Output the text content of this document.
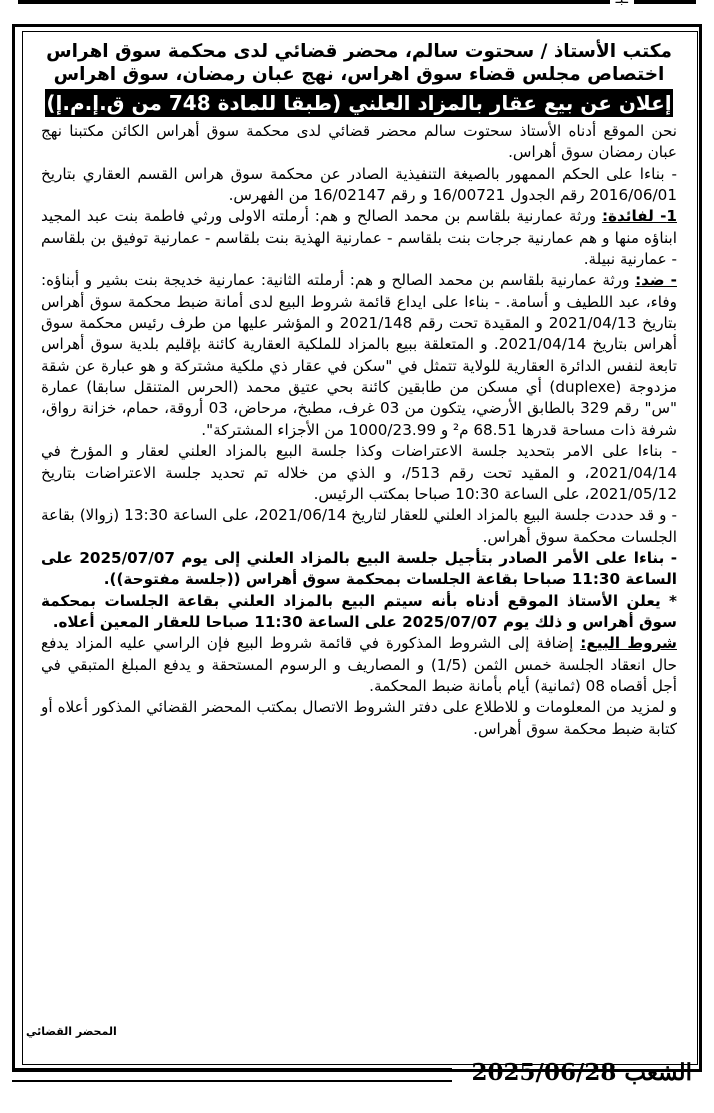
مكتب الأستاذ / سحتوت سالم، محضر قضائي لدى محكمة سوق اهراس
اختصاص مجلس قضاء سوق اهراس، نهج عبان رمضان، سوق اهراس
إعلان عن بيع عقار بالمزاد العلني (طبقا للمادة 748 من ق.إ.م.إ)

نحن الموقع أدناه الأستاذ سحتوت سالم محضر قضائي لدى محكمة سوق أهراس الكائن مكتبنا نهج عبان رمضان سوق أهراس.

- بناءا على الحكم الممهور بالصيغة التنفيذية الصادر عن محكمة سوق هراس القسم العقاري بتاريخ 2016/06/01 رقم الجدول 16/00721 و رقم 16/02147 من الفهرس.

1- لفائدة: ورثة عمارنية بلقاسم بن محمد الصالح و هم: أرملته الاولى ورثي فاطمة بنت عبد المجيد ابناؤه منها و هم عمارنية جرجات بنت بلقاسم - عمارنية الهذية بنت بلقاسم - عمارنية توفيق بن بلقاسم - عمارنية نبيلة.

- ضد: ورثة عمارنية بلقاسم بن محمد الصالح و هم: أرملته الثانية: عمارنية خديجة بنت بشير و أبناؤه: وفاء، عبد اللطيف و أسامة. - بناءا على ايداع قائمة شروط البيع لدى أمانة ضبط محكمة سوق أهراس بتاريخ 2021/04/13 و المقيدة تحت رقم 2021/148 و المؤشر عليها من طرف رئيس محكمة سوق أهراس بتاريخ 2021/04/14. و المتعلقة ببيع بالمزاد للملكية العقارية كائنة بإقليم بلدية سوق أهراس تابعة لنفس الدائرة العقارية للولاية تتمثل في "سكن في عقار ذي ملكية مشتركة و هو عبارة عن شقة مزدوجة (duplexe) أي مسكن من طابقين كائنة بحي عتيق محمد (الحرس المتنقل سابقا) عمارة "س" رقم 329 بالطابق الأرضي، يتكون من 03 غرف، مطبخ، مرحاض، 03 أروقة، حمام، خزانة رواق، شرفة ذات مساحة قدرها 68.51 م² و 1000/23.99 من الأجزاء المشتركة".

- بناءا على الامر بتحديد جلسة الاعتراضات وكذا جلسة البيع بالمزاد العلني لعقار و المؤرخ في 2021/04/14، و المقيد تحت رقم 513/، و الذي من خلاله تم تحديد جلسة الاعتراضات بتاريخ 2021/05/12، على الساعة 10:30 صباحا بمكتب الرئيس.

- و قد حددت جلسة البيع بالمزاد العلني للعقار لتاريخ 2021/06/14، على الساعة 13:30 (زوالا) بقاعة الجلسات محكمة سوق أهراس.

- بناءا على الأمر الصادر بتأجيل جلسة البيع بالمزاد العلني إلى يوم 2025/07/07 على الساعة 11:30 صباحا بقاعة الجلسات بمحكمة سوق أهراس ((جلسة مفتوحة)).

* يعلن الأستاذ الموقع أدناه بأنه سيتم البيع بالمزاد العلني بقاعة الجلسات بمحكمة سوق أهراس و ذلك يوم 2025/07/07 على الساعة 11:30 صباحا للعقار المعين أعلاه.

شروط البيع: إضافة إلى الشروط المذكورة في قائمة شروط البيع فإن الراسي عليه المزاد يدفع حال انعقاد الجلسة خمس الثمن (1/5) و المصاريف و الرسوم المستحقة و يدفع المبلغ المتبقي في أجل أقصاه 08 (ثمانية) أيام بأمانة ضبط المحكمة.

و لمزيد من المعلومات و للاطلاع على دفتر الشروط الاتصال بمكتب المحضر القضائي المذكور أعلاه أو كتابة ضبط محكمة سوق أهراس.

المحضر القضائي
الشعب 2025/06/28
